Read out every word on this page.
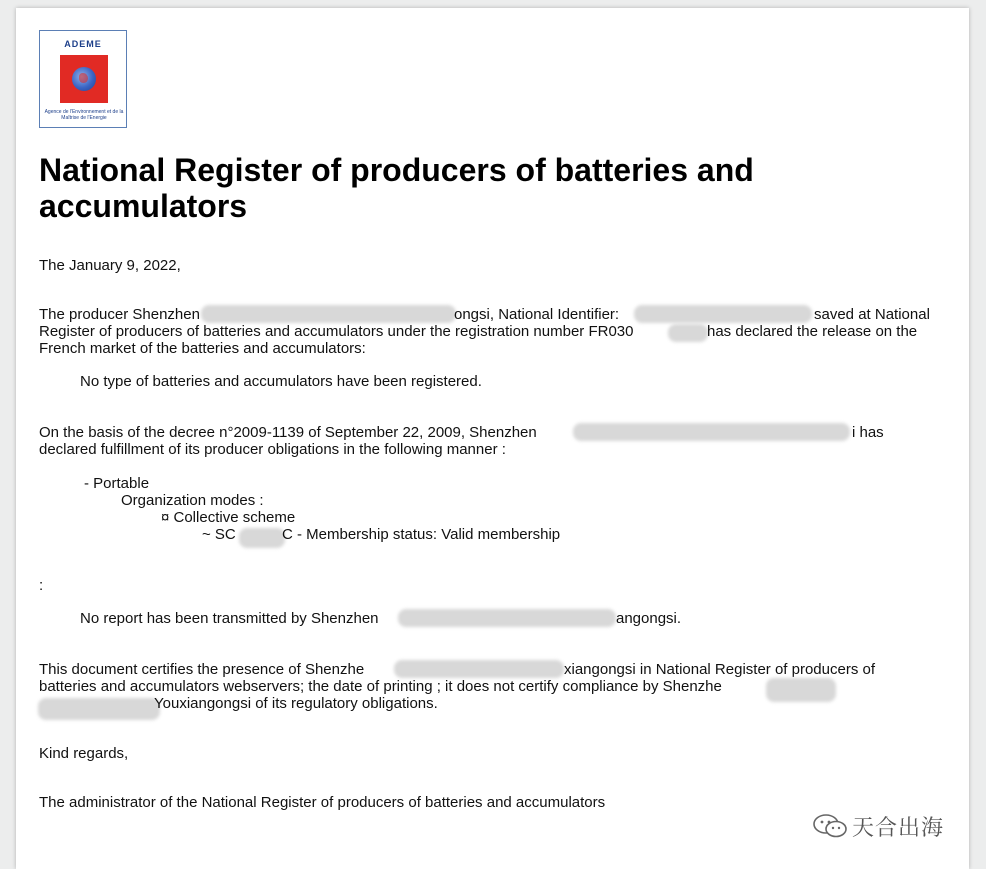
ADEME
Agence de l'Environnement et de la Maîtrise de l'Energie
National Register of producers of batteries and accumulators

The January 9, 2022,

The producer Shenzhen	ongsi, National Identifier:	saved at National

Register of producers of batteries and accumulators under the registration number FR030	has declared the release on the

French market of the batteries and accumulators:

No type of batteries and accumulators have been registered.

On the basis of the decree n°2009-1139 of September 22, 2009, Shenzhen	i has

declared fulfillment of its producer obligations in the following manner :

- Portable

Organization modes :

¤ Collective scheme

~ SC	C - Membership status: Valid membership

:

No report has been transmitted by Shenzhen	angongsi.

This document certifies the presence of Shenzhe	xiangongsi in National Register of producers of

batteries and accumulators webservers; the date of printing ; it does not certify compliance by Shenzhe

Youxiangongsi of its regulatory obligations.

Kind regards,

The administrator of the National Register of producers of batteries and accumulators

天合出海
